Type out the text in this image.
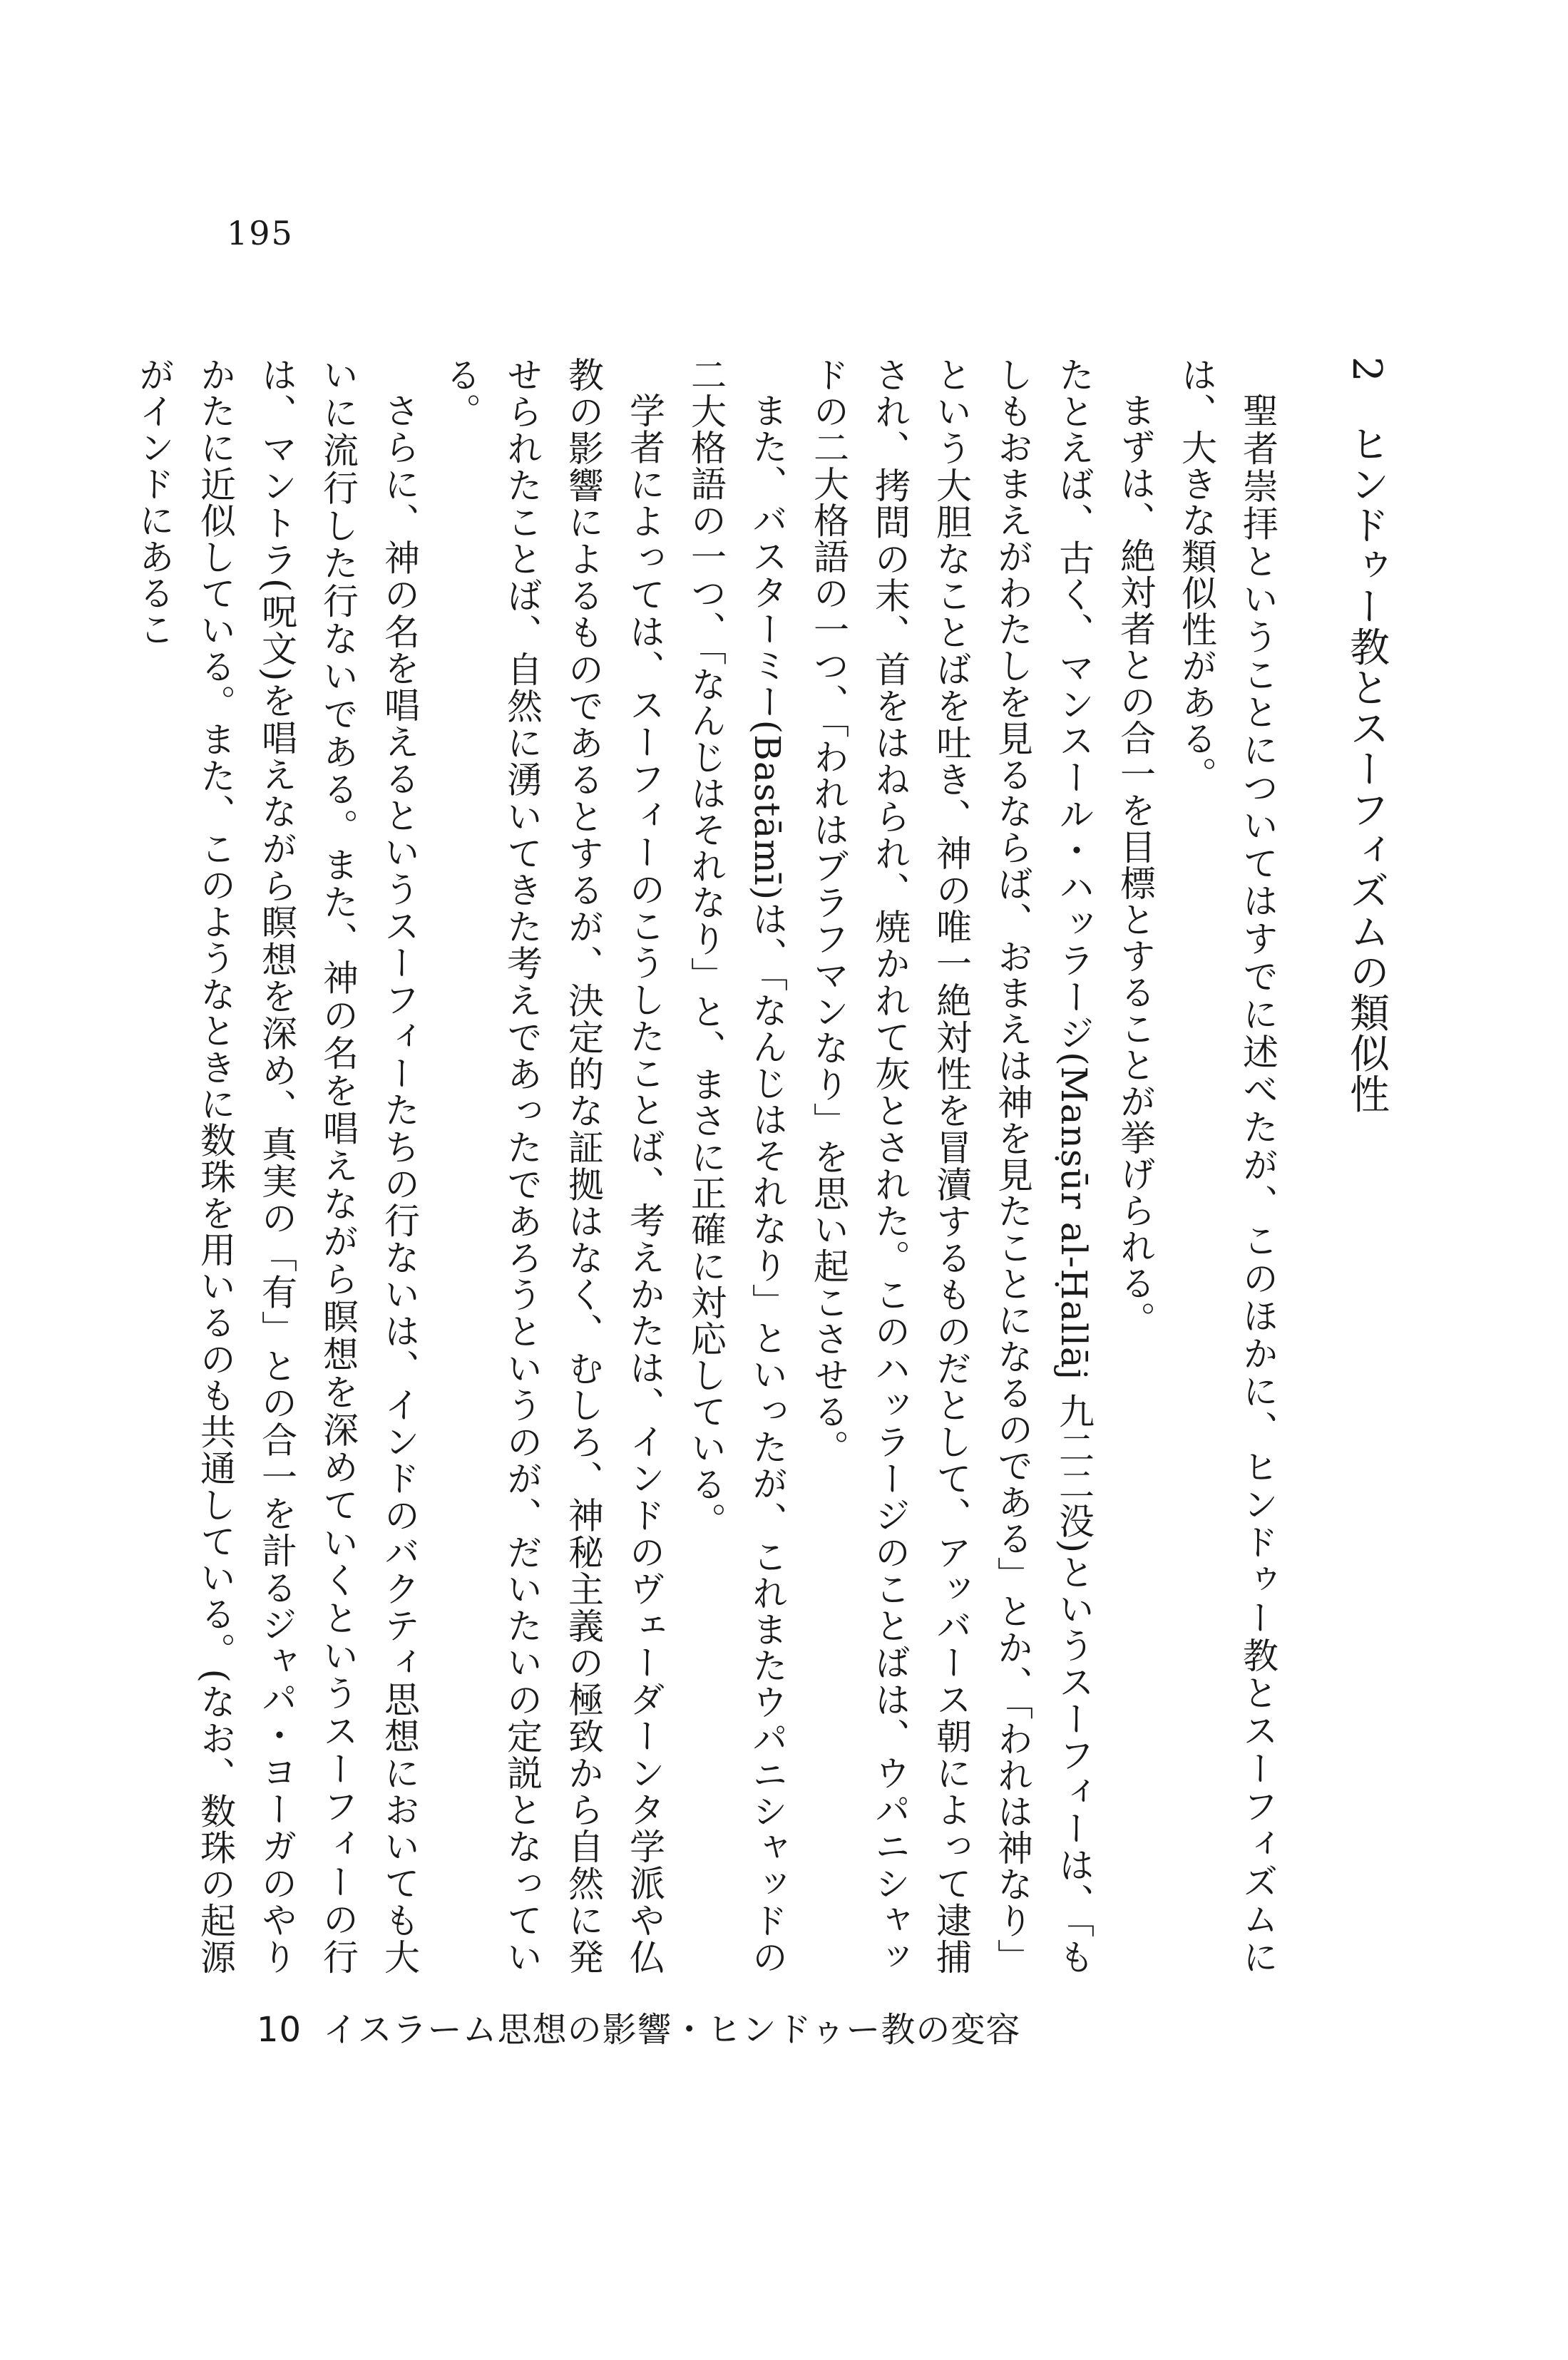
195
2　ヒンドゥー教とスーフィズムの類似性

聖者崇拝ということについてはすでに述べたが、このほかに、ヒンドゥー教とスーフィズムには、大きな類似性がある。

まずは、絶対者との合一を目標とすることが挙げられる。

たとえば、古く、マンスール・ハッラージ(Manṣūr al-Ḥallāj 九二二没)というスーフィーは、「もしもおまえがわたしを見るならば、おまえは神を見たことになるのである」とか、「われは神なり」という大胆なことばを吐き、神の唯一絶対性を冒瀆するものだとして、アッバース朝によって逮捕され、拷問の末、首をはねられ、焼かれて灰とされた。このハッラージのことばは、ウパニシャッドの二大格語の一つ、「われはブラフマンなり」を思い起こさせる。

また、バスターミー(Bastāmī)は、「なんじはそれなり」といったが、これまたウパニシャッドの二大格語の一つ、「なんじはそれなり」と、まさに正確に対応している。

学者によっては、スーフィーのこうしたことば、考えかたは、インドのヴェーダーンタ学派や仏教の影響によるものであるとするが、決定的な証拠はなく、むしろ、神秘主義の極致から自然に発せられたことば、自然に湧いてきた考えであったであろうというのが、だいたいの定説となっている。

さらに、神の名を唱えるというスーフィーたちの行ないは、インドのバクティ思想においても大いに流行した行ないである。また、神の名を唱えながら瞑想を深めていくというスーフィーの行は、マントラ(呪文)を唱えながら瞑想を深め、真実の「有」との合一を計るジャパ・ヨーガのやりかたに近似している。また、このようなときに数珠を用いるのも共通している。(なお、数珠の起源がインドにあるこ

10 イスラーム思想の影響・ヒンドゥー教の変容
